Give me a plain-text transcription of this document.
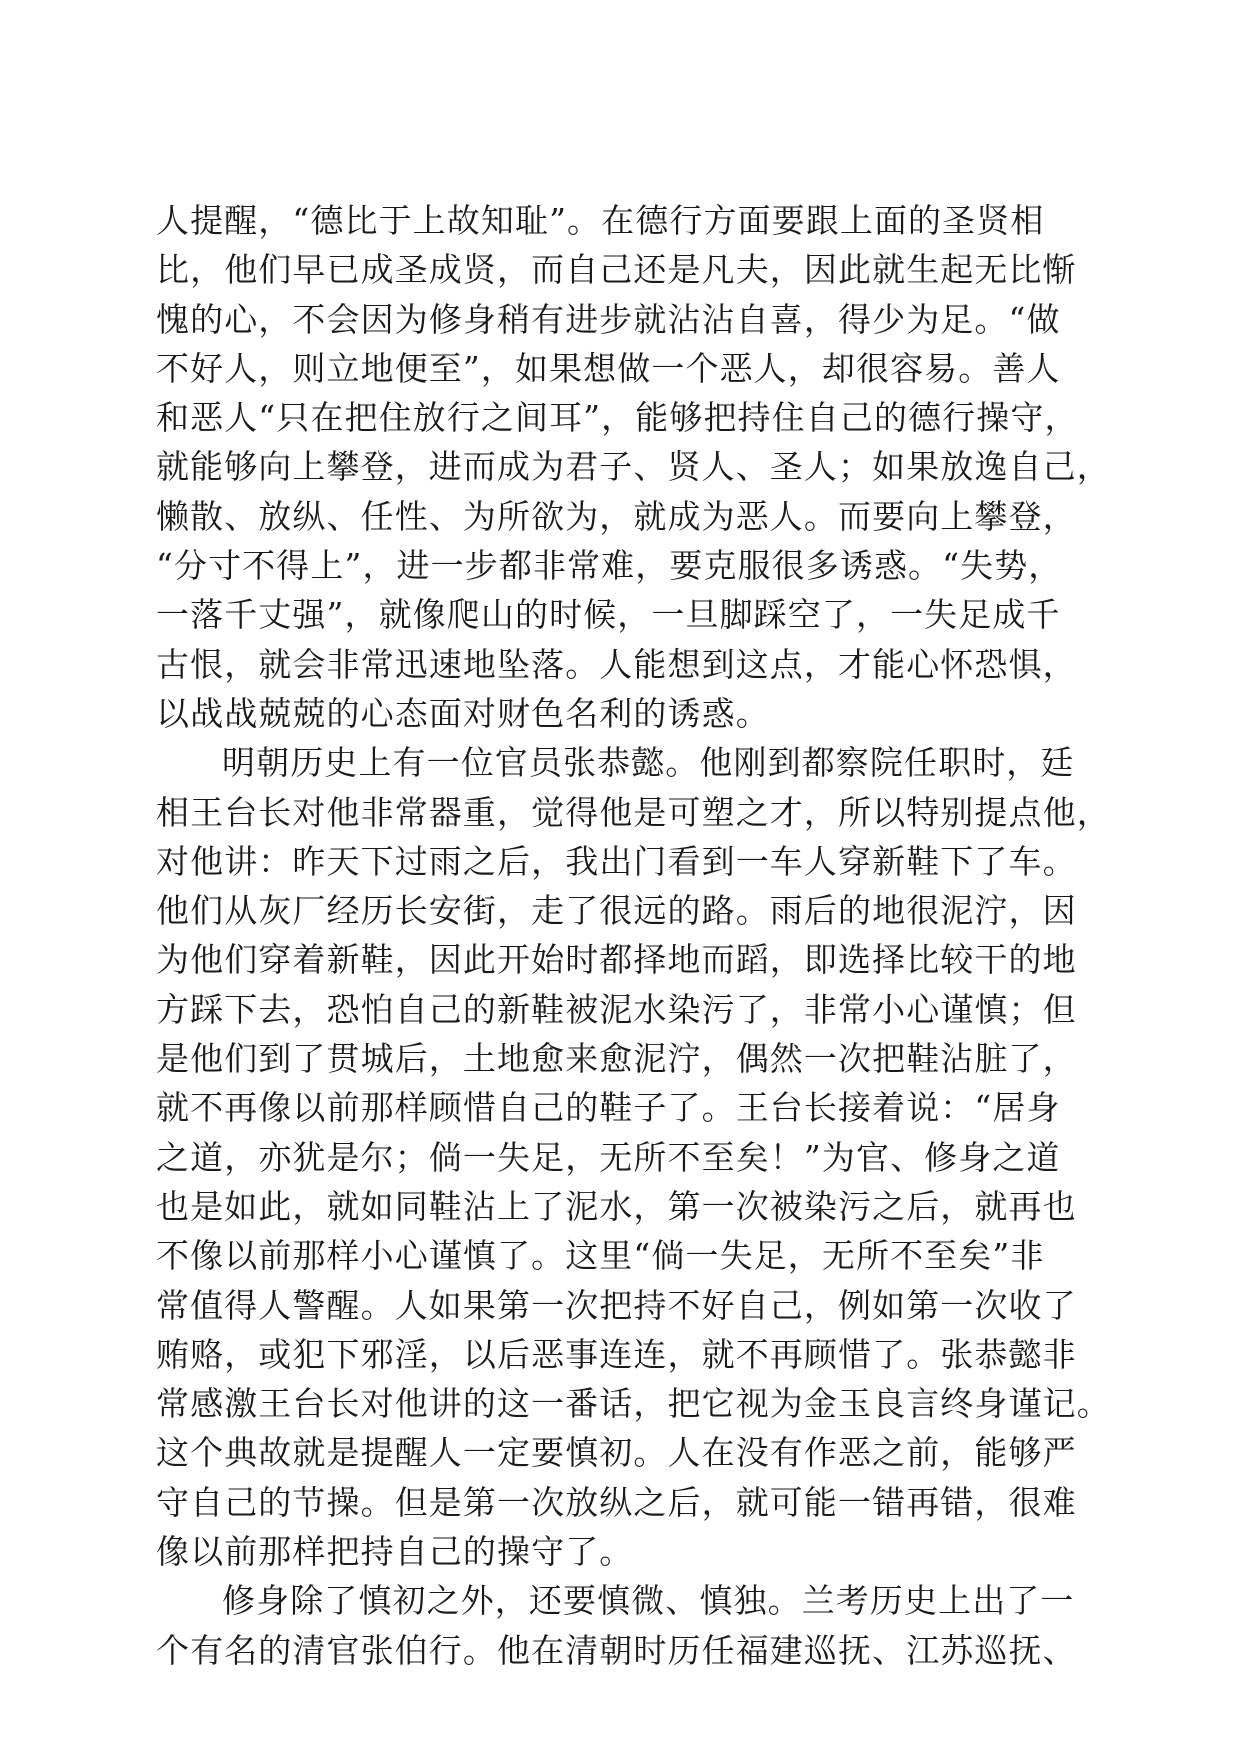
人提醒，“德比于上故知耻”。在德行方面要跟上面的圣贤相
比，他们早已成圣成贤，而自己还是凡夫，因此就生起无比惭
愧的心，不会因为修身稍有进步就沾沾自喜，得少为足。“做
不好人，则立地便至”，如果想做一个恶人，却很容易。善人
和恶人“只在把住放行之间耳”，能够把持住自己的德行操守，
就能够向上攀登，进而成为君子、贤人、圣人；如果放逸自己，
懒散、放纵、任性、为所欲为，就成为恶人。而要向上攀登，
“分寸不得上”，进一步都非常难，要克服很多诱惑。“失势，
一落千丈强”，就像爬山的时候，一旦脚踩空了，一失足成千
古恨，就会非常迅速地坠落。人能想到这点，才能心怀恐惧，
以战战兢兢的心态面对财色名利的诱惑。
明朝历史上有一位官员张恭懿。他刚到都察院任职时，廷
相王台长对他非常器重，觉得他是可塑之才，所以特别提点他，
对他讲：昨天下过雨之后，我出门看到一车人穿新鞋下了车。
他们从灰厂经历长安街，走了很远的路。雨后的地很泥泞，因
为他们穿着新鞋，因此开始时都择地而蹈，即选择比较干的地
方踩下去，恐怕自己的新鞋被泥水染污了，非常小心谨慎；但
是他们到了贯城后，土地愈来愈泥泞，偶然一次把鞋沾脏了，
就不再像以前那样顾惜自己的鞋子了。王台长接着说：“居身
之道，亦犹是尔；倘一失足，无所不至矣！”为官、修身之道
也是如此，就如同鞋沾上了泥水，第一次被染污之后，就再也
不像以前那样小心谨慎了。这里“倘一失足，无所不至矣”非
常值得人警醒。人如果第一次把持不好自己，例如第一次收了
贿赂，或犯下邪淫，以后恶事连连，就不再顾惜了。张恭懿非
常感激王台长对他讲的这一番话，把它视为金玉良言终身谨记。
这个典故就是提醒人一定要慎初。人在没有作恶之前，能够严
守自己的节操。但是第一次放纵之后，就可能一错再错，很难
像以前那样把持自己的操守了。
修身除了慎初之外，还要慎微、慎独。兰考历史上出了一
个有名的清官张伯行。他在清朝时历任福建巡抚、江苏巡抚、
